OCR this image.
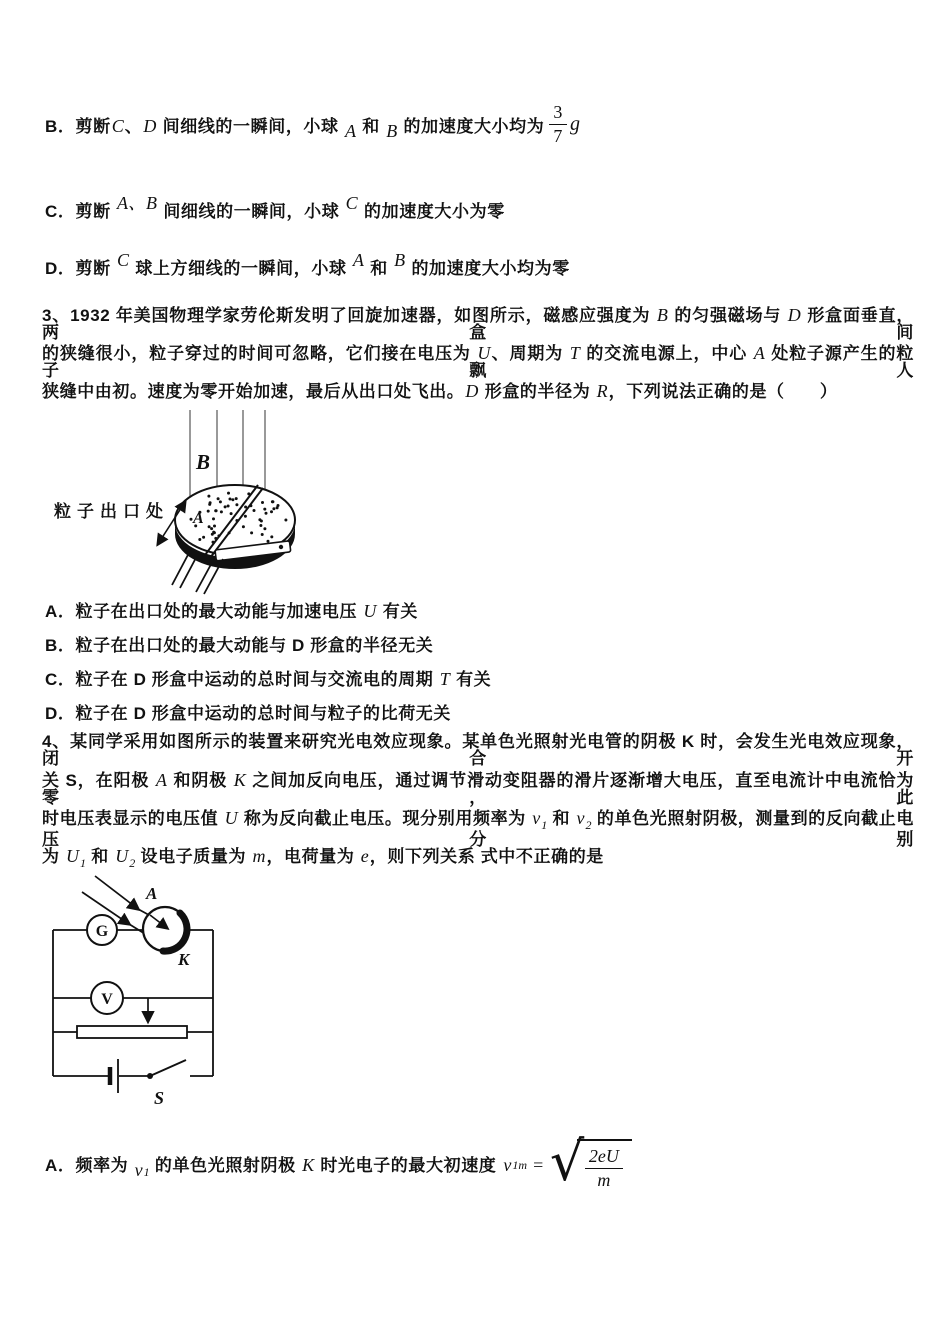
B．剪断C、D 间细线的一瞬间，小球 A 和 B 的加速度大小均为 $\frac{3}{7}$ g
C．剪断 A、B 间细线的一瞬间，小球 C 的加速度大小为零
D．剪断 C 球上方细线的一瞬间，小球 A 和 B 的加速度大小均为零
3、1932 年美国物理学家劳伦斯发明了回旋加速器，如图所示，磁感应强度为 B 的匀强磁场与 D 形盒面垂直，两盒间
的狭缝很小，粒子穿过的时间可忽略，它们接在电压为 U、周期为 T 的交流电源上，中心 A 处粒子源产生的粒子飘人
狭缝中由初。速度为零开始加速，最后从出口处飞出。D 形盒的半径为 R，下列说法正确的是（　　）
B
A
粒子出口处
A．粒子在出口处的最大动能与加速电压 U 有关
B．粒子在出口处的最大动能与 D 形盒的半径无关
C．粒子在 D 形盒中运动的总时间与交流电的周期 T 有关
D．粒子在 D 形盒中运动的总时间与粒子的比荷无关
4、某同学采用如图所示的装置来研究光电效应现象。某单色光照射光电管的阴极 K 时，会发生光电效应现象，闭合开
关 S，在阳极 A 和阴极 K 之间加反向电压，通过调节滑动变阻器的滑片逐渐增大电压，直至电流计中电流恰为零，此
时电压表显示的电压值 U 称为反向截止电压。现分别用频率为 $v_1$ 和 $v_2$ 的单色光照射阴极，测量到的反向截止电压分别
为 $U_1$ 和 $U_2$ 设电子质量为 m，电荷量为 e，则下列关系 式中不正确的是
A
K
G
V
S
A．频率为 $v_1$ 的单色光照射阴极 K 时光电子的最大初速度 v 1m = √ $\frac{2eU}{m}$
